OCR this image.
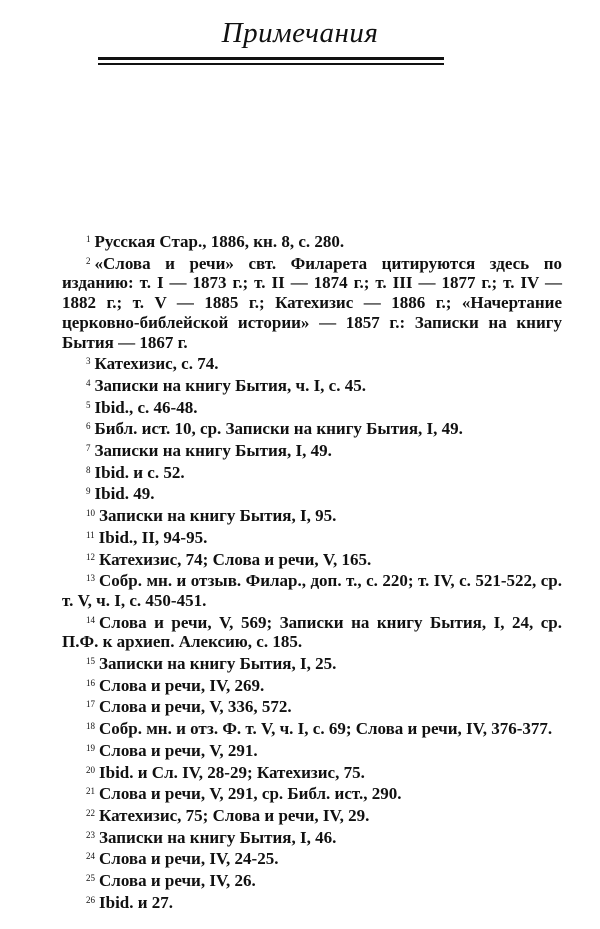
Примечания

$^1$ Русская Стар., 1886, кн. 8, с. 280.

$^2$ «Слова и речи» свт. Филарета цитируются здесь по изданию: т. I — 1873 г.; т. II — 1874 г.; т. III — 1877 г.; т. IV — 1882 г.; т. V — 1885 г.; Катехизис — 1886 г.; «Начертание церковно-библейской истории» — 1857 г.: Записки на книгу Бытия — 1867 г.

$^3$ Катехизис, с. 74.

$^4$ Записки на книгу Бытия, ч. I, с. 45.

$^5$ Ibid., с. 46-48.

$^6$ Библ. ист. 10, ср. Записки на книгу Бытия, I, 49.

$^7$ Записки на книгу Бытия, I, 49.

$^8$ Ibid. и с. 52.

$^9$ Ibid. 49.

$^{10}$ Записки на книгу Бытия, I, 95.

$^{11}$ Ibid., II, 94-95.

$^{12}$ Катехизис, 74; Слова и речи, V, 165.

$^{13}$ Собр. мн. и отзыв. Филар., доп. т., с. 220; т. IV, с. 521-522, ср. т. V, ч. I, с. 450-451.

$^{14}$ Слова и речи, V, 569; Записки на книгу Бытия, I, 24, ср. П.Ф. к архиеп. Алексию, с. 185.

$^{15}$ Записки на книгу Бытия, I, 25.

$^{16}$ Слова и речи, IV, 269.

$^{17}$ Слова и речи, V, 336, 572.

$^{18}$ Собр. мн. и отз. Ф. т. V, ч. I, с. 69; Слова и речи, IV, 376-377.

$^{19}$ Слова и речи, V, 291.

$^{20}$ Ibid. и Сл. IV, 28-29; Катехизис, 75.

$^{21}$ Слова и речи, V, 291, ср. Библ. ист., 290.

$^{22}$ Катехизис, 75; Слова и речи, IV, 29.

$^{23}$ Записки на книгу Бытия, I, 46.

$^{24}$ Слова и речи, IV, 24-25.

$^{25}$ Слова и речи, IV, 26.

$^{26}$ Ibid. и 27.
